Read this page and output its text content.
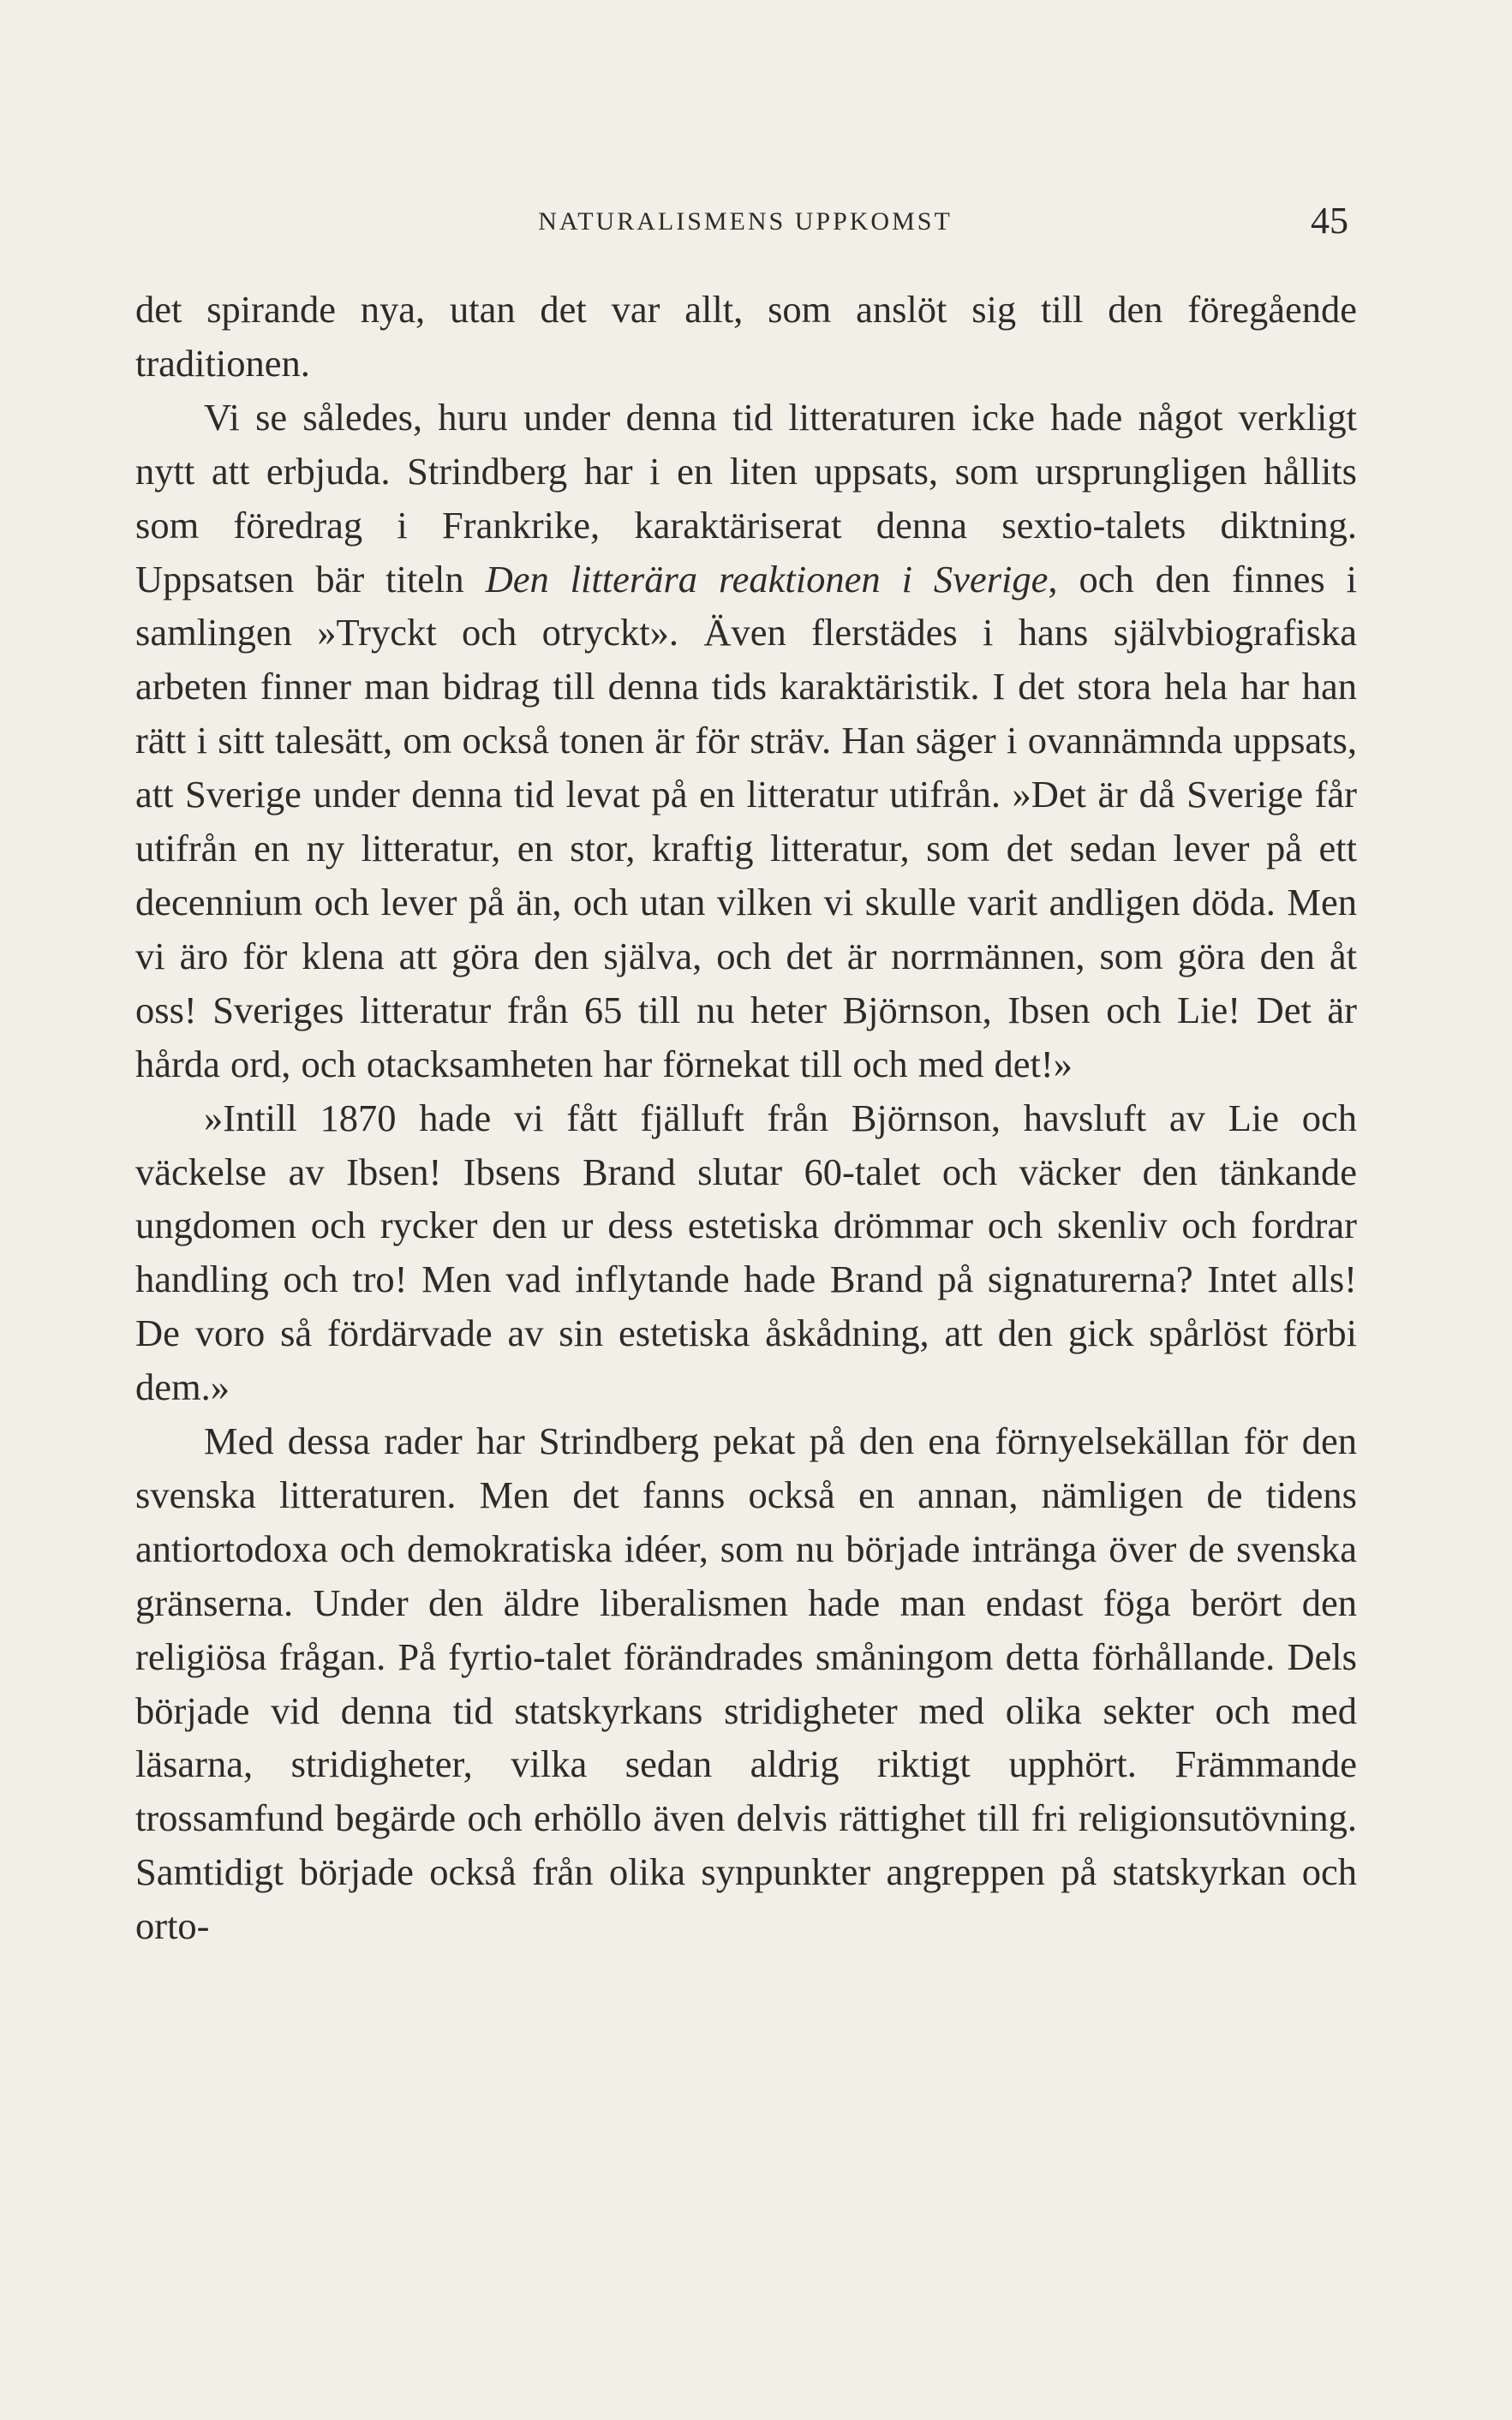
NATURALISMENS UPPKOMST	45

det spirande nya, utan det var allt, som anslöt sig till den föregående traditionen.

Vi se således, huru under denna tid litteraturen icke hade något verkligt nytt att erbjuda. Strindberg har i en liten uppsats, som ursprungligen hållits som föredrag i Frankrike, karaktäriserat denna sextio-talets diktning. Uppsatsen bär titeln Den litterära reaktionen i Sverige, och den finnes i samlingen »Tryckt och otryckt». Även flerstädes i hans självbiografiska arbeten finner man bidrag till denna tids karaktäristik. I det stora hela har han rätt i sitt talesätt, om också tonen är för sträv. Han säger i ovannämnda uppsats, att Sverige under denna tid levat på en litteratur utifrån. »Det är då Sverige får utifrån en ny litteratur, en stor, kraftig litteratur, som det sedan lever på ett decennium och lever på än, och utan vilken vi skulle varit andligen döda. Men vi äro för klena att göra den själva, och det är norrmännen, som göra den åt oss! Sveriges litteratur från 65 till nu heter Björnson, Ibsen och Lie! Det är hårda ord, och otacksamheten har förnekat till och med det!»

»Intill 1870 hade vi fått fjälluft från Björnson, havsluft av Lie och väckelse av Ibsen! Ibsens Brand slutar 60-talet och väcker den tänkande ungdomen och rycker den ur dess estetiska drömmar och skenliv och fordrar handling och tro! Men vad inflytande hade Brand på signaturerna? Intet alls! De voro så fördärvade av sin estetiska åskådning, att den gick spårlöst förbi dem.»

Med dessa rader har Strindberg pekat på den ena förnyelsekällan för den svenska litteraturen. Men det fanns också en annan, nämligen de tidens antiortodoxa och demokratiska idéer, som nu började intränga över de svenska gränserna. Under den äldre liberalismen hade man endast föga berört den religiösa frågan. På fyrtio-talet förändrades småningom detta förhållande. Dels började vid denna tid statskyrkans stridigheter med olika sekter och med läsarna, stridigheter, vilka sedan aldrig riktigt upphört. Främmande trossamfund begärde och erhöllo även delvis rättighet till fri religionsutövning. Samtidigt började också från olika synpunkter angreppen på statskyrkan och orto-
